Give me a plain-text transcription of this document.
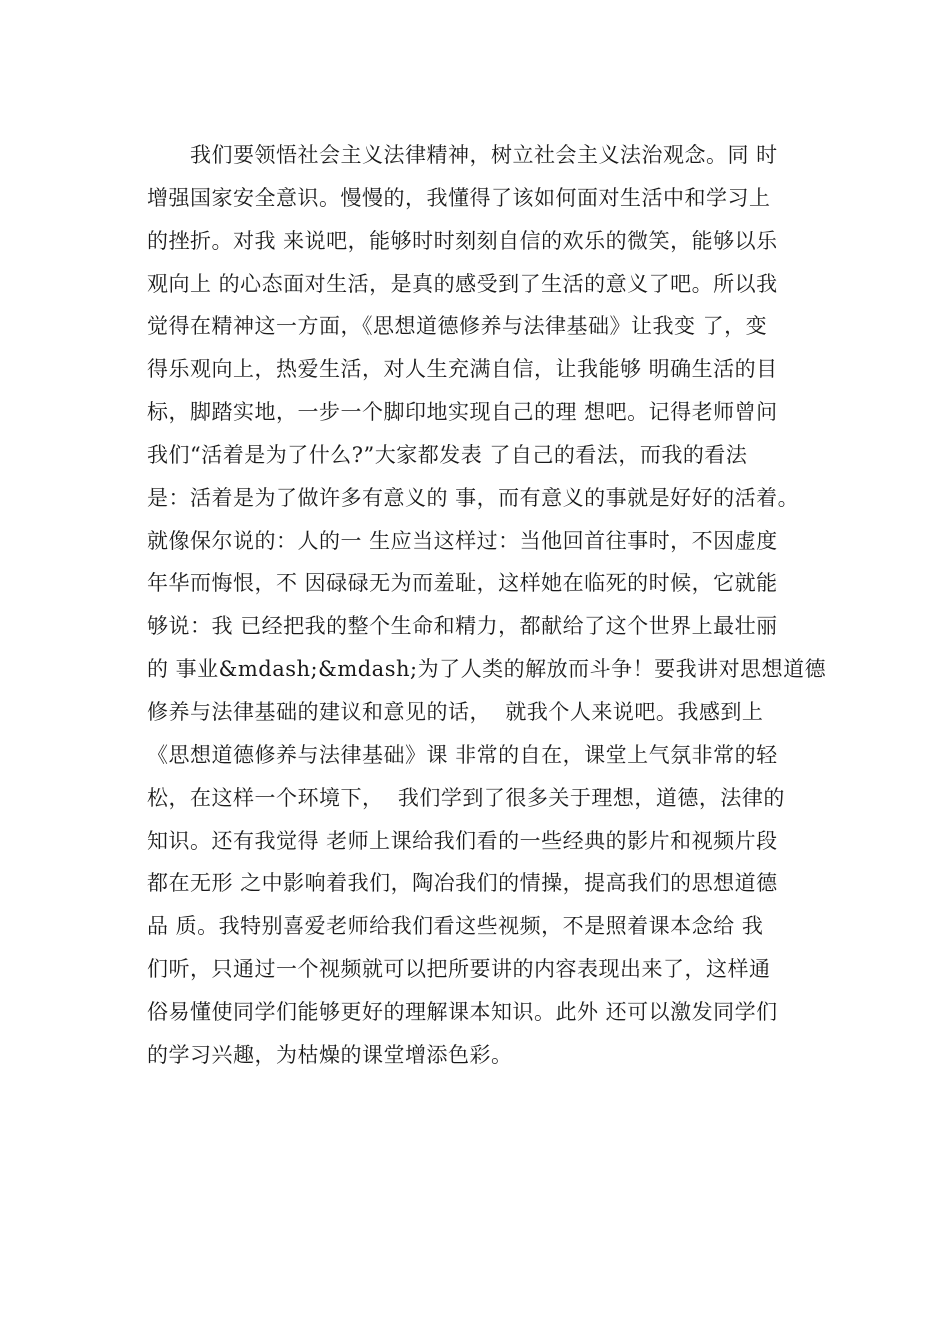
　　我们要领悟社会主义法律精神，树立社会主义法治观念。同 时
增强国家安全意识。慢慢的，我懂得了该如何面对生活中和学习上
的挫折。对我 来说吧，能够时时刻刻自信的欢乐的微笑，能够以乐
观向上 的心态面对生活，是真的感受到了生活的意义了吧。所以我
觉得在精神这一方面，《思想道德修养与法律基础》让我变 了，变
得乐观向上，热爱生活，对人生充满自信，让我能够 明确生活的目
标，脚踏实地，一步一个脚印地实现自己的理 想吧。记得老师曾问
我们“活着是为了什么?”大家都发表 了自己的看法，而我的看法
是：活着是为了做许多有意义的 事，而有意义的事就是好好的活着。
就像保尔说的：人的一 生应当这样过：当他回首往事时，不因虚度
年华而悔恨，不 因碌碌无为而羞耻，这样她在临死的时候，它就能
够说：我 已经把我的整个生命和精力，都献给了这个世界上最壮丽
的 事业&mdash;&mdash;为了人类的解放而斗争！要我讲对思想道德
修养与法律基础的建议和意见的话，  就我个人来说吧。我感到上
《思想道德修养与法律基础》课 非常的自在，课堂上气氛非常的轻
松，在这样一个环境下，  我们学到了很多关于理想，道德，法律的
知识。还有我觉得 老师上课给我们看的一些经典的影片和视频片段
都在无形 之中影响着我们，陶冶我们的情操，提高我们的思想道德
品 质。我特别喜爱老师给我们看这些视频，不是照着课本念给 我
们听，只通过一个视频就可以把所要讲的内容表现出来了，这样通
俗易懂使同学们能够更好的理解课本知识。此外 还可以激发同学们
的学习兴趣，为枯燥的课堂增添色彩。
